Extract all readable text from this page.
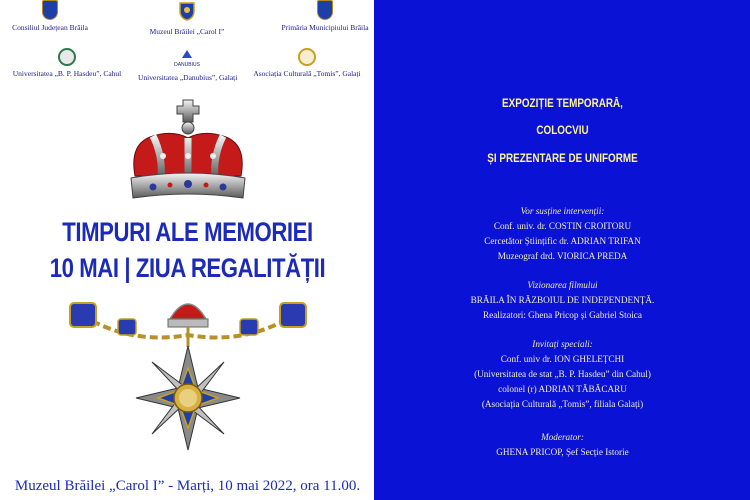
Consiliul Județean Brăila	Muzeul Brăilei „Carol I”	Primăria Municipiului Brăila
Universitatea „B. P. Hasdeu”, Cahul
DANUBIUS
Universitatea „Danubius”, Galați	Asociația Culturală „Tomis”, Galați
TIMPURI ALE MEMORIEI
10 MAI | ZIUA REGALITĂȚII
Muzeul Brăilei „Carol I” - Marți, 10 mai 2022, ora 11.00.
EXPOZIȚIE TEMPORARĂ,
COLOCVIU
ȘI PREZENTARE DE UNIFORME
Vor susține intervenții:
Conf. univ. dr. COSTIN CROITORU
Cercetător Științific dr. ADRIAN TRIFAN
Muzeograf drd. VIORICA PREDA
Vizionarea filmului
BRĂILA ÎN RĂZBOIUL DE INDEPENDENȚĂ.
Realizatori: Ghena Pricop și Gabriel Stoica
Invitați speciali:
Conf. univ dr. ION GHELEȚCHI
(Universitatea de stat „B. P. Hasdeu” din Cahul)
colonel (r) ADRIAN TĂBĂCARU
(Asociația Culturală „Tomis”, filiala Galați)
Moderator:
GHENA PRICOP, Șef Secție Istorie
